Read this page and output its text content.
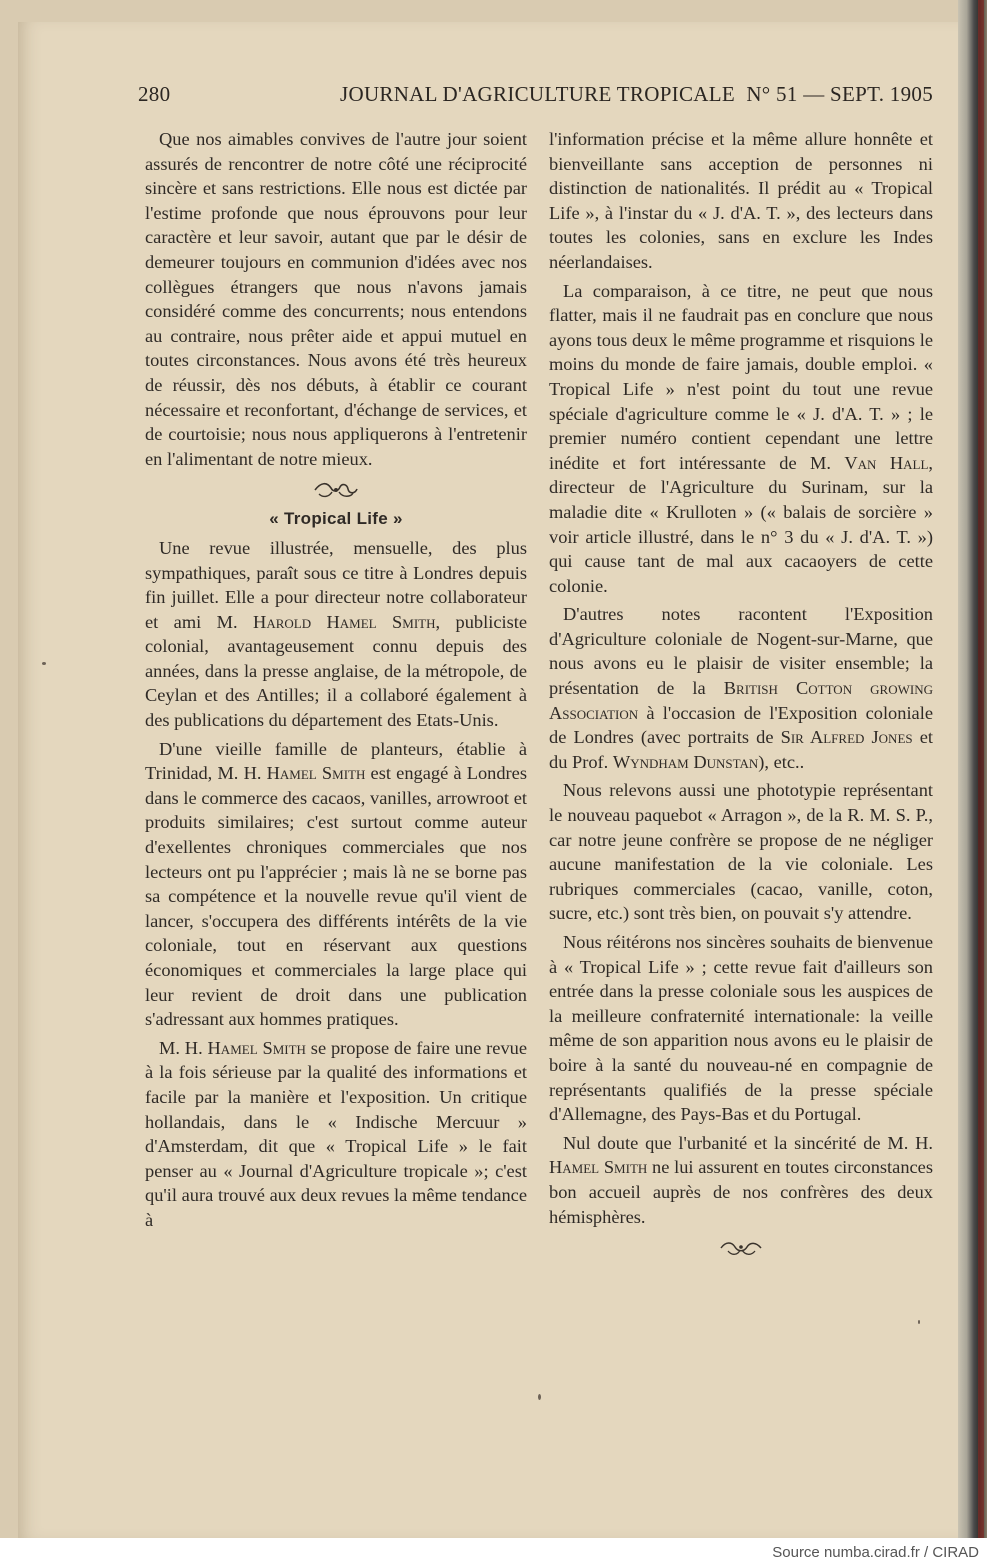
280	JOURNAL D'AGRICULTURE TROPICALE N° 51 — SEPT. 1905

Que nos aimables convives de l'autre jour soient assurés de rencontrer de notre côté une réciprocité sincère et sans restrictions. Elle nous est dictée par l'estime profonde que nous éprouvons pour leur caractère et leur savoir, autant que par le désir de demeurer toujours en communion d'idées avec nos collègues étrangers que nous n'avons jamais considéré comme des concurrents; nous entendons au contraire, nous prêter aide et appui mutuel en toutes circonstances. Nous avons été très heureux de réussir, dès nos débuts, à établir ce courant nécessaire et reconfortant, d'échange de services, et de courtoisie; nous nous appliquerons à l'entretenir en l'alimentant de notre mieux.

« Tropical Life »

Une revue illustrée, mensuelle, des plus sympathiques, paraît sous ce titre à Londres depuis fin juillet. Elle a pour directeur notre collaborateur et ami M. Harold Hamel Smith, publiciste colonial, avantageusement connu depuis des années, dans la presse anglaise, de la métropole, de Ceylan et des Antilles; il a collaboré également à des publications du département des Etats-Unis.

D'une vieille famille de planteurs, établie à Trinidad, M. H. Hamel Smith est engagé à Londres dans le commerce des cacaos, vanilles, arrowroot et produits similaires; c'est surtout comme auteur d'exellentes chroniques commerciales que nos lecteurs ont pu l'apprécier ; mais là ne se borne pas sa compétence et la nouvelle revue qu'il vient de lancer, s'occupera des différents intérêts de la vie coloniale, tout en réservant aux questions économiques et commerciales la large place qui leur revient de droit dans une publication s'adressant aux hommes pratiques.

M. H. Hamel Smith se propose de faire une revue à la fois sérieuse par la qualité des informations et facile par la manière et l'exposition. Un critique hollandais, dans le « Indische Mercuur » d'Amsterdam, dit que « Tropical Life » le fait penser au « Journal d'Agriculture tropicale »; c'est qu'il aura trouvé aux deux revues la même tendance à

l'information précise et la même allure honnête et bienveillante sans acception de personnes ni distinction de nationalités. Il prédit au « Tropical Life », à l'instar du « J. d'A. T. », des lecteurs dans toutes les colonies, sans en exclure les Indes néerlandaises.

La comparaison, à ce titre, ne peut que nous flatter, mais il ne faudrait pas en conclure que nous ayons tous deux le même programme et risquions le moins du monde de faire jamais, double emploi. « Tropical Life » n'est point du tout une revue spéciale d'agriculture comme le « J. d'A. T. » ; le premier numéro contient cependant une lettre inédite et fort intéressante de M. Van Hall, directeur de l'Agriculture du Surinam, sur la maladie dite « Krulloten » (« balais de sorcière » voir article illustré, dans le n° 3 du « J. d'A. T. ») qui cause tant de mal aux cacaoyers de cette colonie.

D'autres notes racontent l'Exposition d'Agriculture coloniale de Nogent-sur-Marne, que nous avons eu le plaisir de visiter ensemble; la présentation de la British Cotton growing Association à l'occasion de l'Exposition coloniale de Londres (avec portraits de Sir Alfred Jones et du Prof. Wyndham Dunstan), etc..

Nous relevons aussi une phototypie représentant le nouveau paquebot « Arragon », de la R. M. S. P., car notre jeune confrère se propose de ne négliger aucune manifestation de la vie coloniale. Les rubriques commerciales (cacao, vanille, coton, sucre, etc.) sont très bien, on pouvait s'y attendre.

Nous réitérons nos sincères souhaits de bienvenue à « Tropical Life » ; cette revue fait d'ailleurs son entrée dans la presse coloniale sous les auspices de la meilleure confraternité internationale: la veille même de son apparition nous avons eu le plaisir de boire à la santé du nouveau-né en compagnie de représentants qualifiés de la presse spéciale d'Allemagne, des Pays-Bas et du Portugal.

Nul doute que l'urbanité et la sincérité de M. H. Hamel Smith ne lui assurent en toutes circonstances bon accueil auprès de nos confrères des deux hémisphères.

Source numba.cirad.fr / CIRAD
